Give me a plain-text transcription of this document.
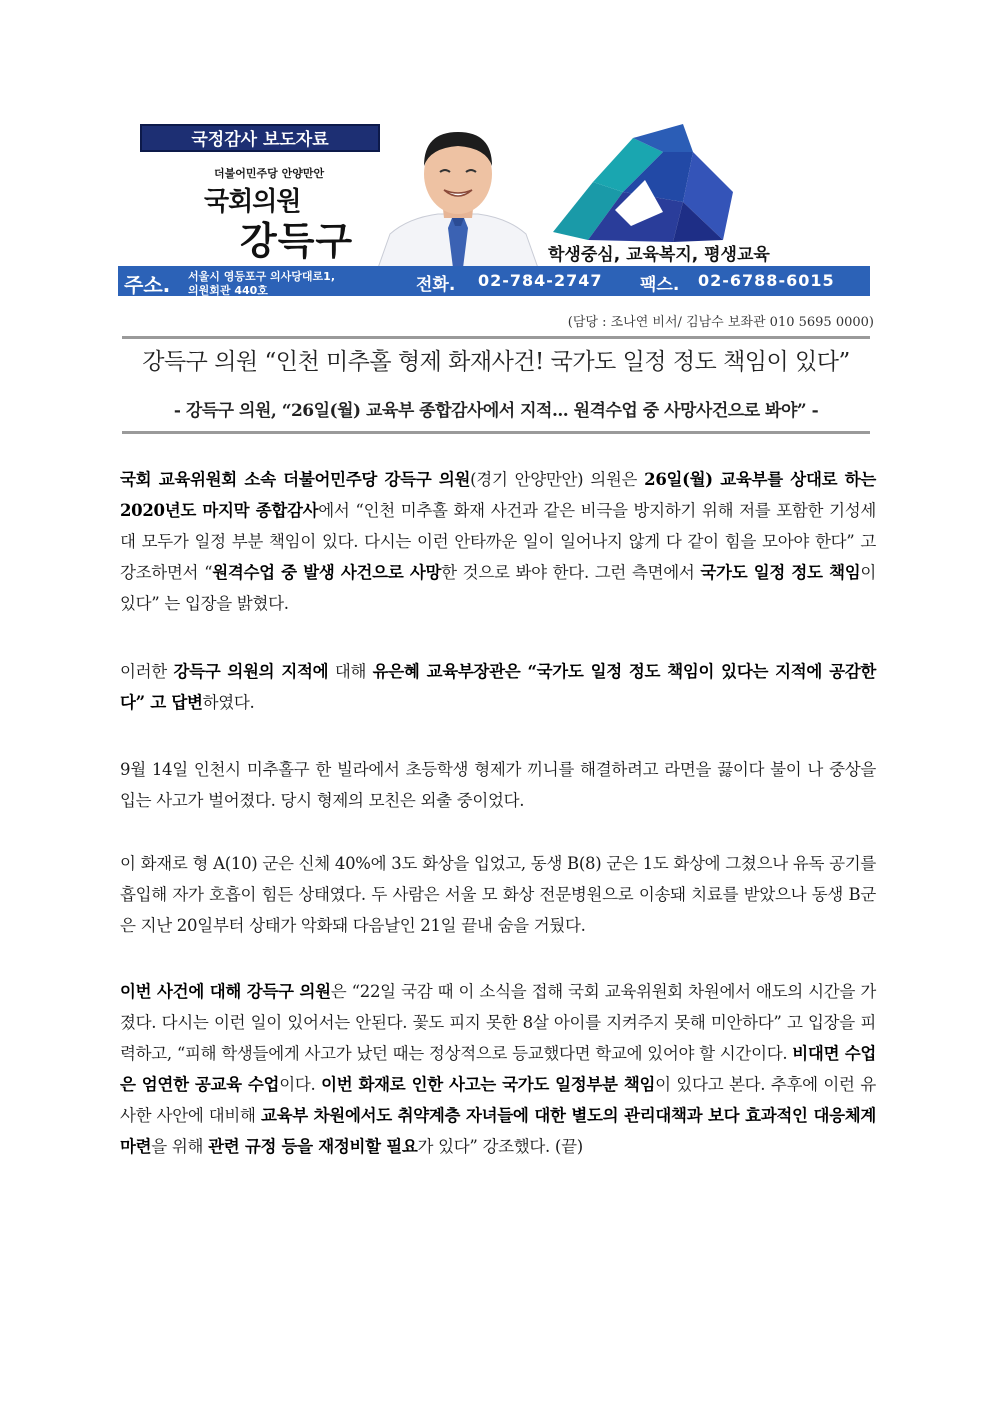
국정감사 보도자료
더불어민주당 안양만안
국회의원
강득구	학생중심, 교육복지, 평생교육
주소. 서울시 영등포구 의사당대로1,
의원회관 440호	전화. 02-784-2747 팩스. 02-6788-6015
(담당 : 조나연 비서/ 김남수 보좌관 010 5695 0000)
강득구 의원 “인천 미추홀 형제 화재사건! 국가도 일정 정도 책임이 있다”
- 강득구 의원, “26일(월) 교육부 종합감사에서 지적... 원격수업 중 사망사건으로 봐야” -
국회 교육위원회 소속 더불어민주당 강득구 의원(경기 안양만안) 의원은 26일(월) 교육부를 상대로 하는 2020년도 마지막 종합감사에서 “인천 미추홀 화재 사건과 같은 비극을 방지하기 위해 저를 포함한 기성세대 모두가 일정 부분 책임이 있다. 다시는 이런 안타까운 일이 일어나지 않게 다 같이 힘을 모아야 한다” 고 강조하면서 “원격수업 중 발생 사건으로 사망한 것으로 봐야 한다. 그런 측면에서 국가도 일정 정도 책임이 있다” 는 입장을 밝혔다.
이러한 강득구 의원의 지적에 대해 유은혜 교육부장관은 “국가도 일정 정도 책임이 있다는 지적에 공감한다” 고 답변하였다.
9월 14일 인천시 미추홀구 한 빌라에서 초등학생 형제가 끼니를 해결하려고 라면을 끓이다 불이 나 중상을 입는 사고가 벌어졌다. 당시 형제의 모친은 외출 중이었다.
이 화재로 형 A(10) 군은 신체 40%에 3도 화상을 입었고, 동생 B(8) 군은 1도 화상에 그쳤으나 유독 공기를 흡입해 자가 호흡이 힘든 상태였다. 두 사람은 서울 모 화상 전문병원으로 이송돼 치료를 받았으나 동생 B군은 지난 20일부터 상태가 악화돼 다음날인 21일 끝내 숨을 거뒀다.
이번 사건에 대해 강득구 의원은 “22일 국감 때 이 소식을 접해 국회 교육위원회 차원에서 애도의 시간을 가졌다. 다시는 이런 일이 있어서는 안된다. 꽃도 피지 못한 8살 아이를 지켜주지 못해 미안하다” 고 입장을 피력하고, “피해 학생들에게 사고가 났던 때는 정상적으로 등교했다면 학교에 있어야 할 시간이다. 비대면 수업은 엄연한 공교육 수업이다. 이번 화재로 인한 사고는 국가도 일정부분 책임이 있다고 본다. 추후에 이런 유사한 사안에 대비해 교육부 차원에서도 취약계층 자녀들에 대한 별도의 관리대책과 보다 효과적인 대응체계 마련을 위해 관련 규정 등을 재정비할 필요가 있다” 강조했다. (끝)
